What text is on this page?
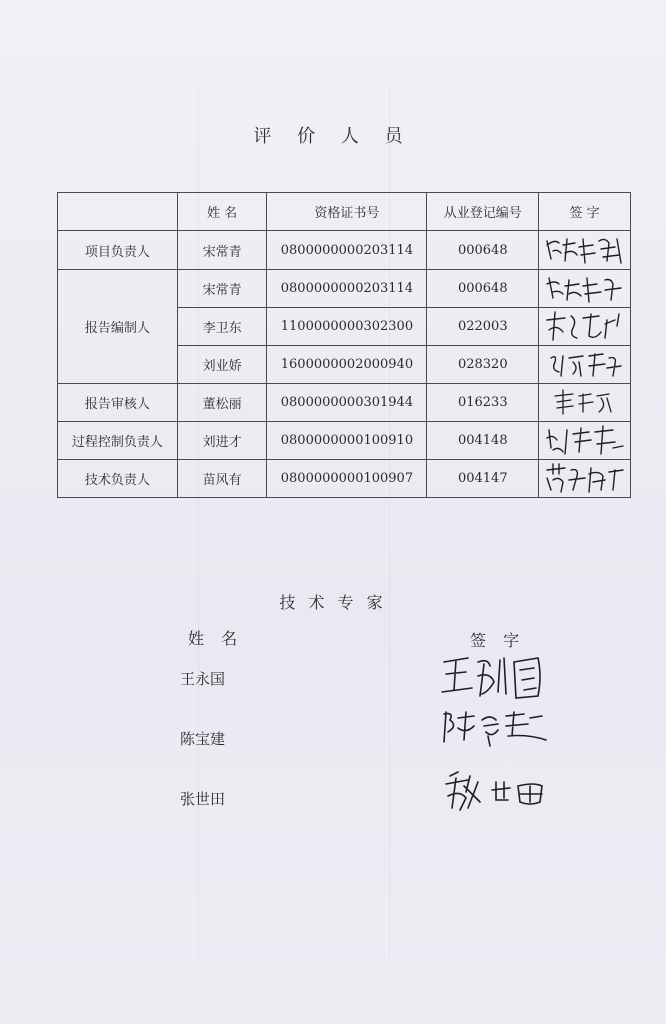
评 价 人 员
	姓 名	资格证书号	从业登记编号	签 字
项目负责人	宋常青	0800000000203114	000648	

报告编制人	宋常青	0800000000203114	000648	

	李卫东	1100000000302300	022003	

	刘业娇	1600000002000940	028320	

报告审核人	董松丽	0800000000301944	016233	

过程控制负责人	刘进才	0800000000100910	004148	

技术负责人	苗风有	0800000000100907	004147	
技 术 专 家
姓 名	签 字
王永国
陈宝建
张世田
